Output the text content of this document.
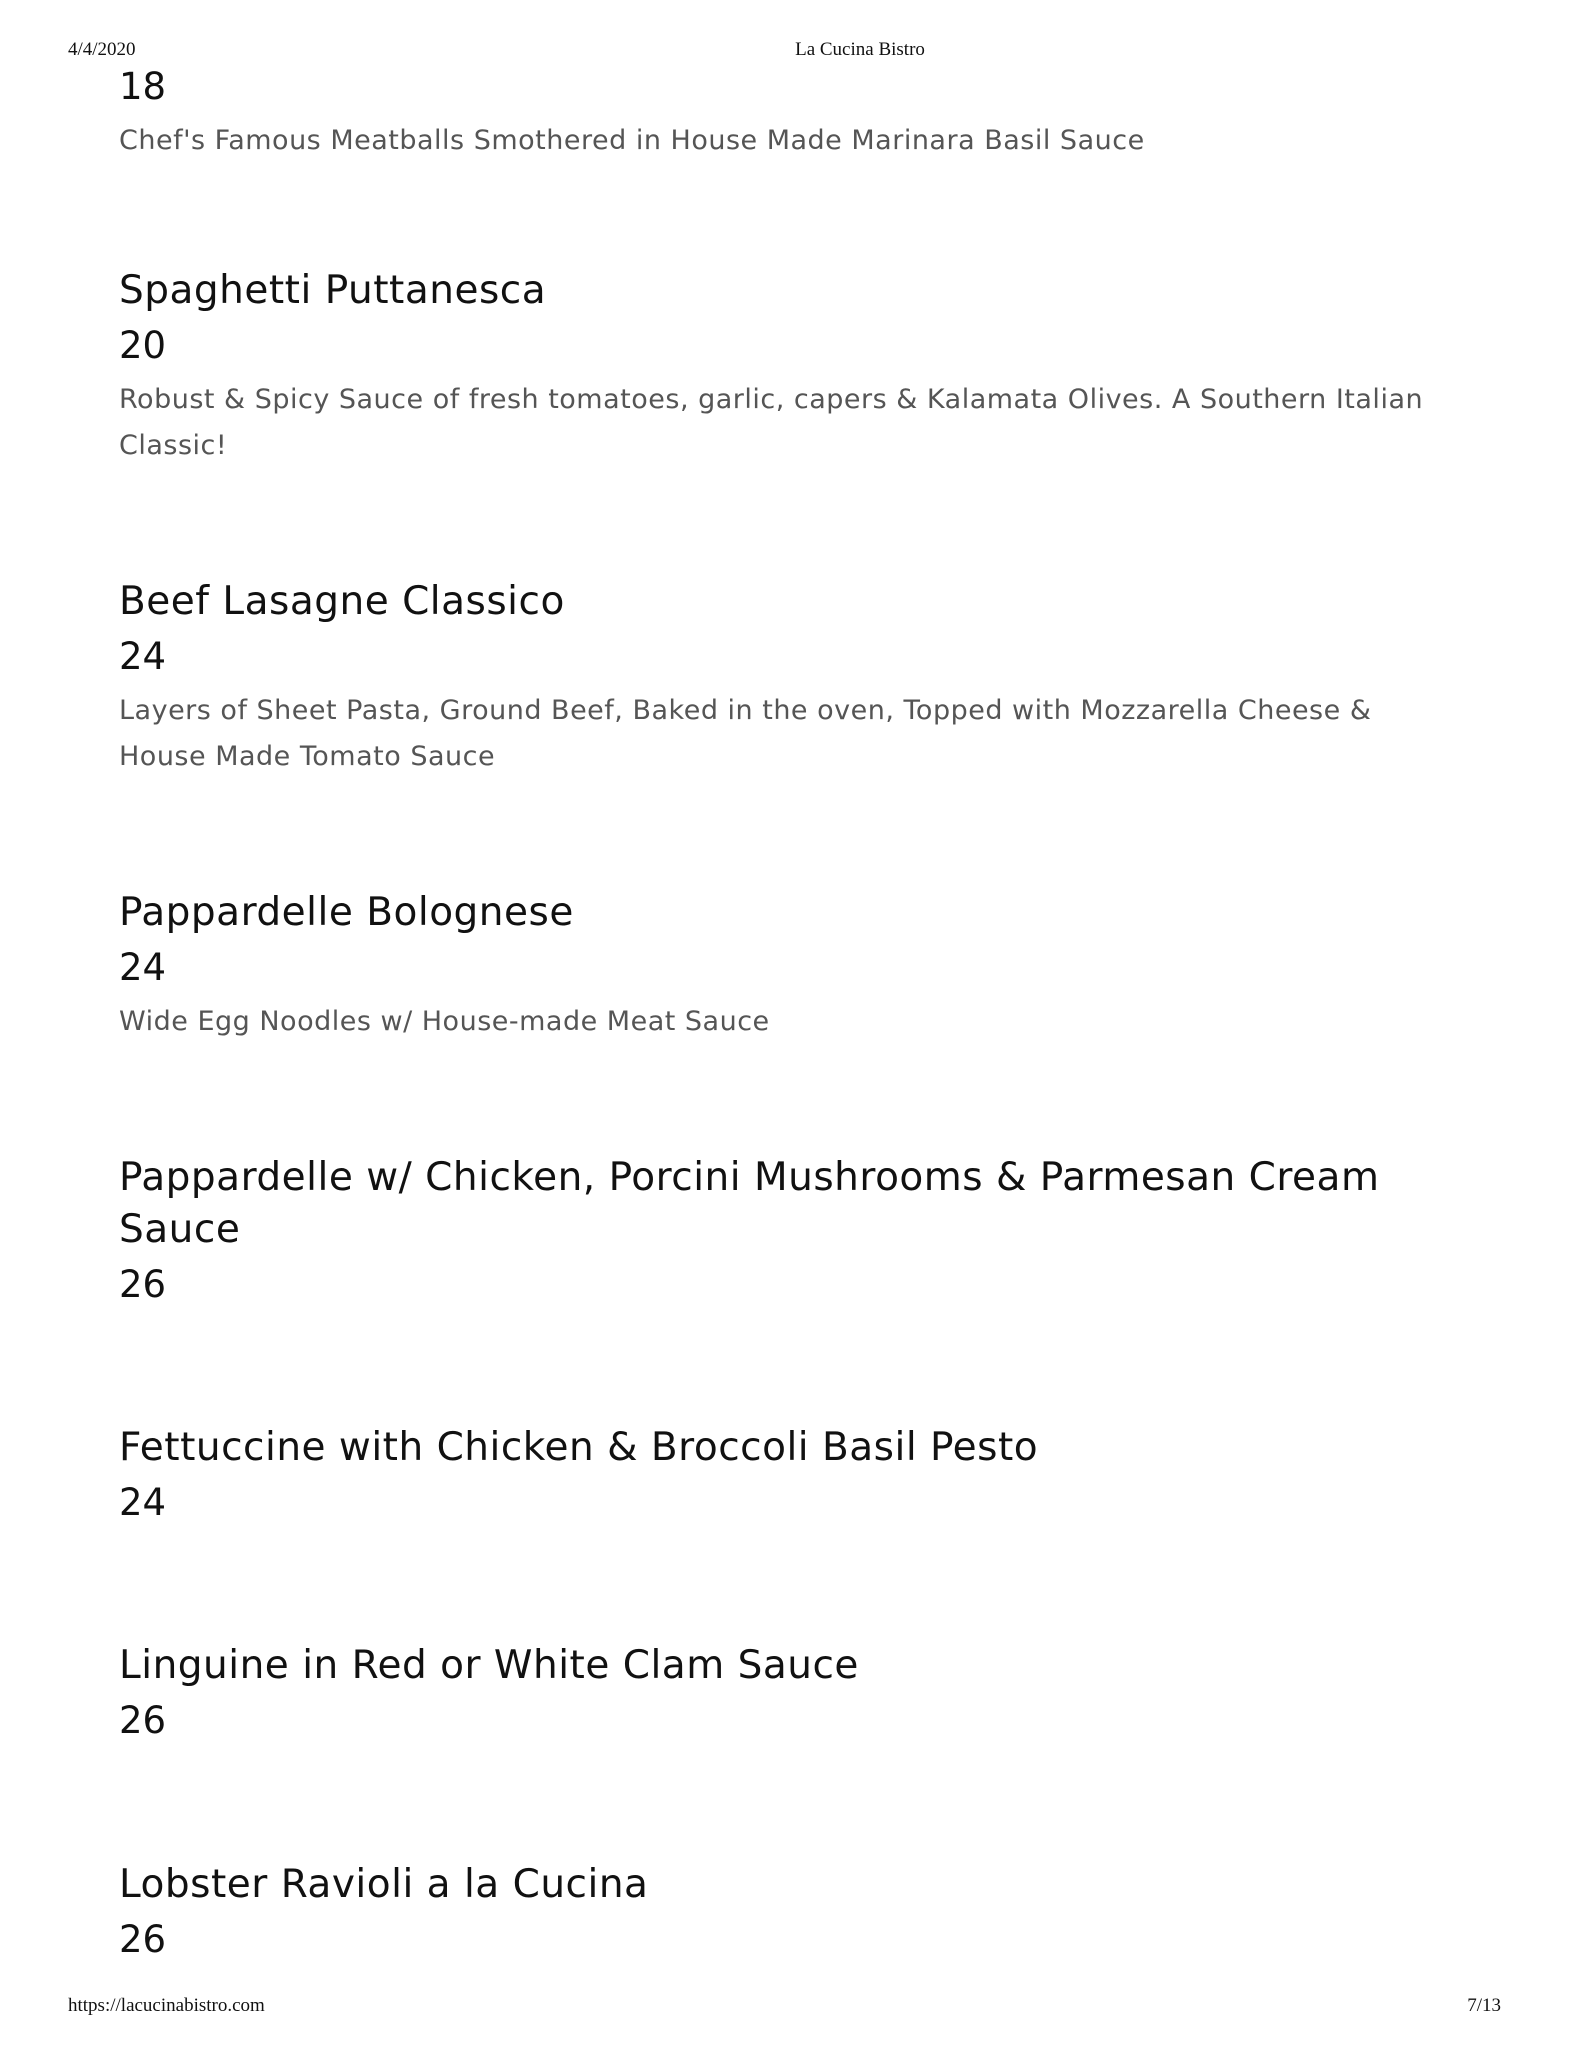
4/4/2020	La Cucina Bistro

18

Chef's Famous Meatballs Smothered in House Made Marinara Basil Sauce

Spaghetti Puttanesca

20

Robust & Spicy Sauce of fresh tomatoes, garlic, capers & Kalamata Olives. A Southern Italian Classic!

Beef Lasagne Classico

24

Layers of Sheet Pasta, Ground Beef, Baked in the oven, Topped with Mozzarella Cheese & House Made Tomato Sauce

Pappardelle Bolognese

24

Wide Egg Noodles w/ House-made Meat Sauce

Pappardelle w/ Chicken, Porcini Mushrooms & Parmesan Cream Sauce

26

Fettuccine with Chicken & Broccoli Basil Pesto

24

Linguine in Red or White Clam Sauce

26

Lobster Ravioli a la Cucina

26

https://lacucinabistro.com	7/13
